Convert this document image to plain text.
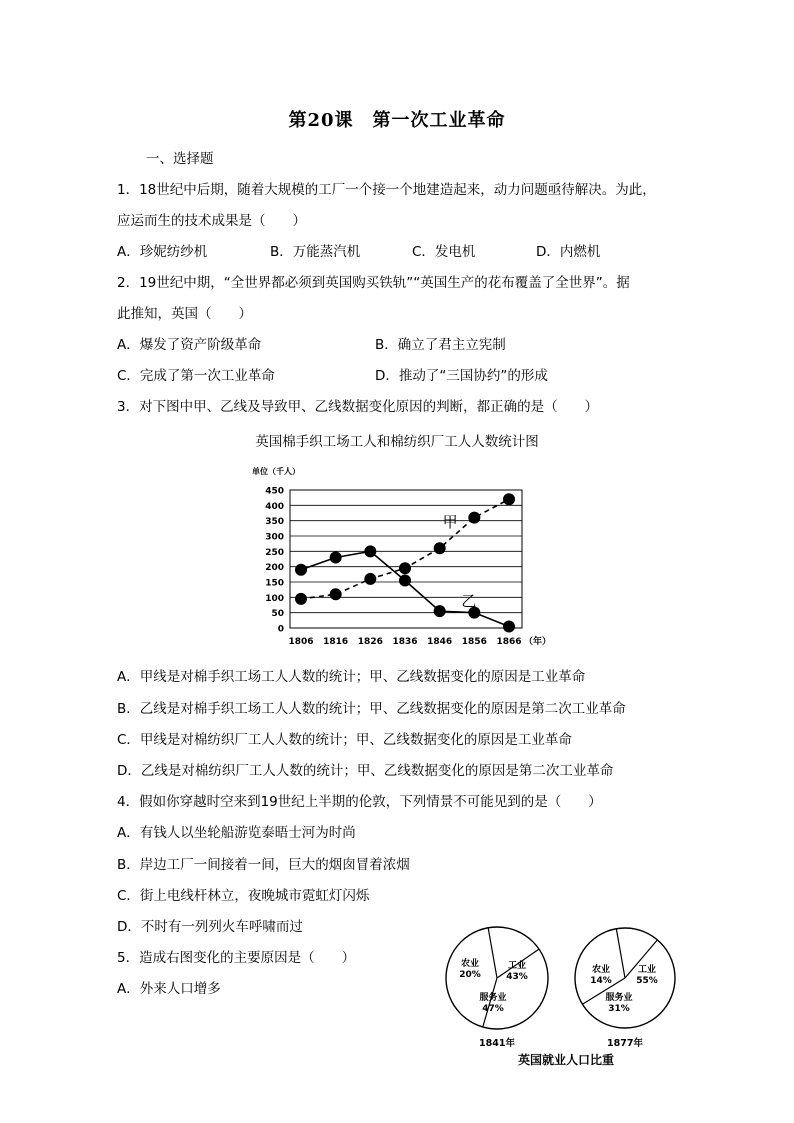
第20课　第一次工业革命
一、选择题
1．18世纪中后期，随着大规模的工厂一个接一个地建造起来，动力问题亟待解决。为此，
应运而生的技术成果是（　　）
A．珍妮纺纱机	B．万能蒸汽机	C．发电机	D．内燃机
2．19世纪中期，“全世界都必须到英国购买铁轨”“英国生产的花布覆盖了全世界”。据
此推知，英国（　　）
A．爆发了资产阶级革命	B．确立了君主立宪制
C．完成了第一次工业革命	D．推动了“三国协约”的形成
3．对下图中甲、乙线及导致甲、乙线数据变化原因的判断，都正确的是（　　）
英国棉手织工场工人和棉纺织厂工人人数统计图
0
50
100
150
200
250
300
350
400
450
1806 1816 1826 1836 1846 1856 1866 （年）
单位（千人）
甲
乙
A．甲线是对棉手织工场工人人数的统计；甲、乙线数据变化的原因是工业革命
B．乙线是对棉手织工场工人人数的统计；甲、乙线数据变化的原因是第二次工业革命
C．甲线是对棉纺织厂工人人数的统计；甲、乙线数据变化的原因是工业革命
D．乙线是对棉纺织厂工人人数的统计；甲、乙线数据变化的原因是第二次工业革命
4．假如你穿越时空来到19世纪上半期的伦敦，下列情景不可能见到的是（　　）
A．有钱人以坐轮船游览泰晤士河为时尚
B．岸边工厂一间接着一间，巨大的烟囱冒着浓烟
C．街上电线杆林立，夜晚城市霓虹灯闪烁
D．不时有一列列火车呼啸而过
5．造成右图变化的主要原因是（　　）
A．外来人口增多
农业
20%
工业
43%
服务业
47%
1841年
农业
14%
工业
55%
服务业
31%
1877年
英国就业人口比重
